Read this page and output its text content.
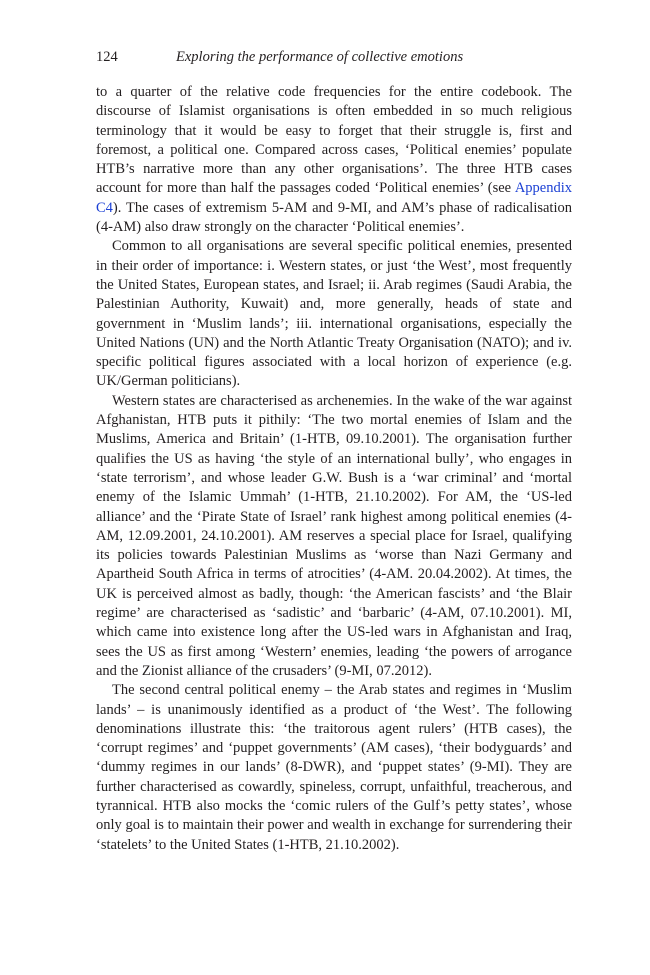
124	Exploring the performance of collective emotions

to a quarter of the relative code frequencies for the entire codebook. The discourse of Islamist organisations is often embedded in so much religious terminology that it would be easy to forget that their struggle is, first and foremost, a political one. Compared across cases, ‘Political enemies’ populate HTB’s narrative more than any other organisations’. The three HTB cases account for more than half the passages coded ‘Political enemies’ (see Appendix C4). The cases of extremism 5-AM and 9-MI, and AM’s phase of radicalisation (4-AM) also draw strongly on the character ‘Political enemies’.

Common to all organisations are several specific political enemies, presented in their order of importance: i. Western states, or just ‘the West’, most frequently the United States, European states, and Israel; ii. Arab regimes (Saudi Arabia, the Palestinian Authority, Kuwait) and, more generally, heads of state and government in ‘Muslim lands’; iii. international organisations, especially the United Nations (UN) and the North Atlantic Treaty Organisation (NATO); and iv. specific political figures associated with a local horizon of experience (e.g. UK/German politicians).

Western states are characterised as archenemies. In the wake of the war against Afghanistan, HTB puts it pithily: ‘The two mortal enemies of Islam and the Muslims, America and Britain’ (1-HTB, 09.10.2001). The organisation further qualifies the US as having ‘the style of an international bully’, who engages in ‘state terrorism’, and whose leader G.W. Bush is a ‘war criminal’ and ‘mortal enemy of the Islamic Ummah’ (1-HTB, 21.10.2002). For AM, the ‘US-led alliance’ and the ‘Pirate State of Israel’ rank highest among political enemies (4-AM, 12.09.2001, 24.10.2001). AM reserves a special place for Israel, qualifying its policies towards Palestinian Muslims as ‘worse than Nazi Germany and Apartheid South Africa in terms of atrocities’ (4-AM. 20.04.2002). At times, the UK is perceived almost as badly, though: ‘the American fascists’ and ‘the Blair regime’ are characterised as ‘sadistic’ and ‘barbaric’ (4-AM, 07.10.2001). MI, which came into existence long after the US-led wars in Afghanistan and Iraq, sees the US as first among ‘Western’ enemies, leading ‘the powers of arrogance and the Zionist alliance of the crusaders’ (9-MI, 07.2012).

The second central political enemy – the Arab states and regimes in ‘Muslim lands’ – is unanimously identified as a product of ‘the West’. The following denominations illustrate this: ‘the traitorous agent rulers’ (HTB cases), the ‘corrupt regimes’ and ‘puppet governments’ (AM cases), ‘their bodyguards’ and ‘dummy regimes in our lands’ (8-DWR), and ‘puppet states’ (9-MI). They are further characterised as cowardly, spineless, corrupt, unfaithful, treacherous, and tyrannical. HTB also mocks the ‘comic rulers of the Gulf’s petty states’, whose only goal is to maintain their power and wealth in exchange for surrendering their ‘statelets’ to the United States (1-HTB, 21.10.2002).
